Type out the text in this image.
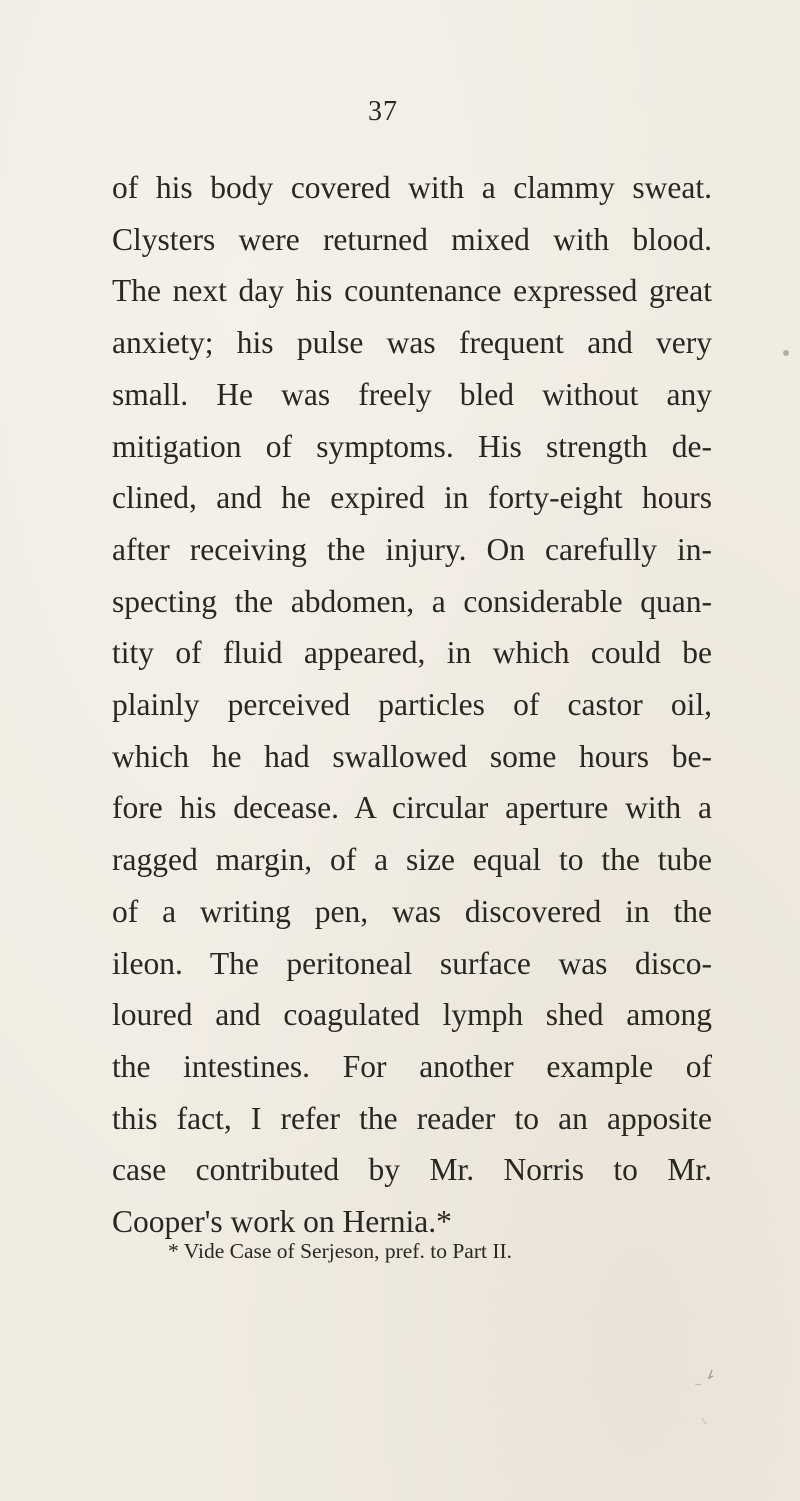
37
of his body covered with a clammy sweat.
Clysters were returned mixed with blood.
The next day his countenance expressed great
anxiety; his pulse was frequent and very
small. He was freely bled without any
mitigation of symptoms. His strength de-
clined, and he expired in forty-eight hours
after receiving the injury. On carefully in-
specting the abdomen, a considerable quan-
tity of fluid appeared, in which could be
plainly perceived particles of castor oil,
which he had swallowed some hours be-
fore his decease. A circular aperture with a
ragged margin, of a size equal to the tube
of a writing pen, was discovered in the
ileon. The peritoneal surface was disco-
loured and coagulated lymph shed among
the intestines. For another example of
this fact, I refer the reader to an apposite
case contributed by Mr. Norris to Mr.
Cooper's work on Hernia.*
* Vide Case of Serjeson, pref. to Part II.
